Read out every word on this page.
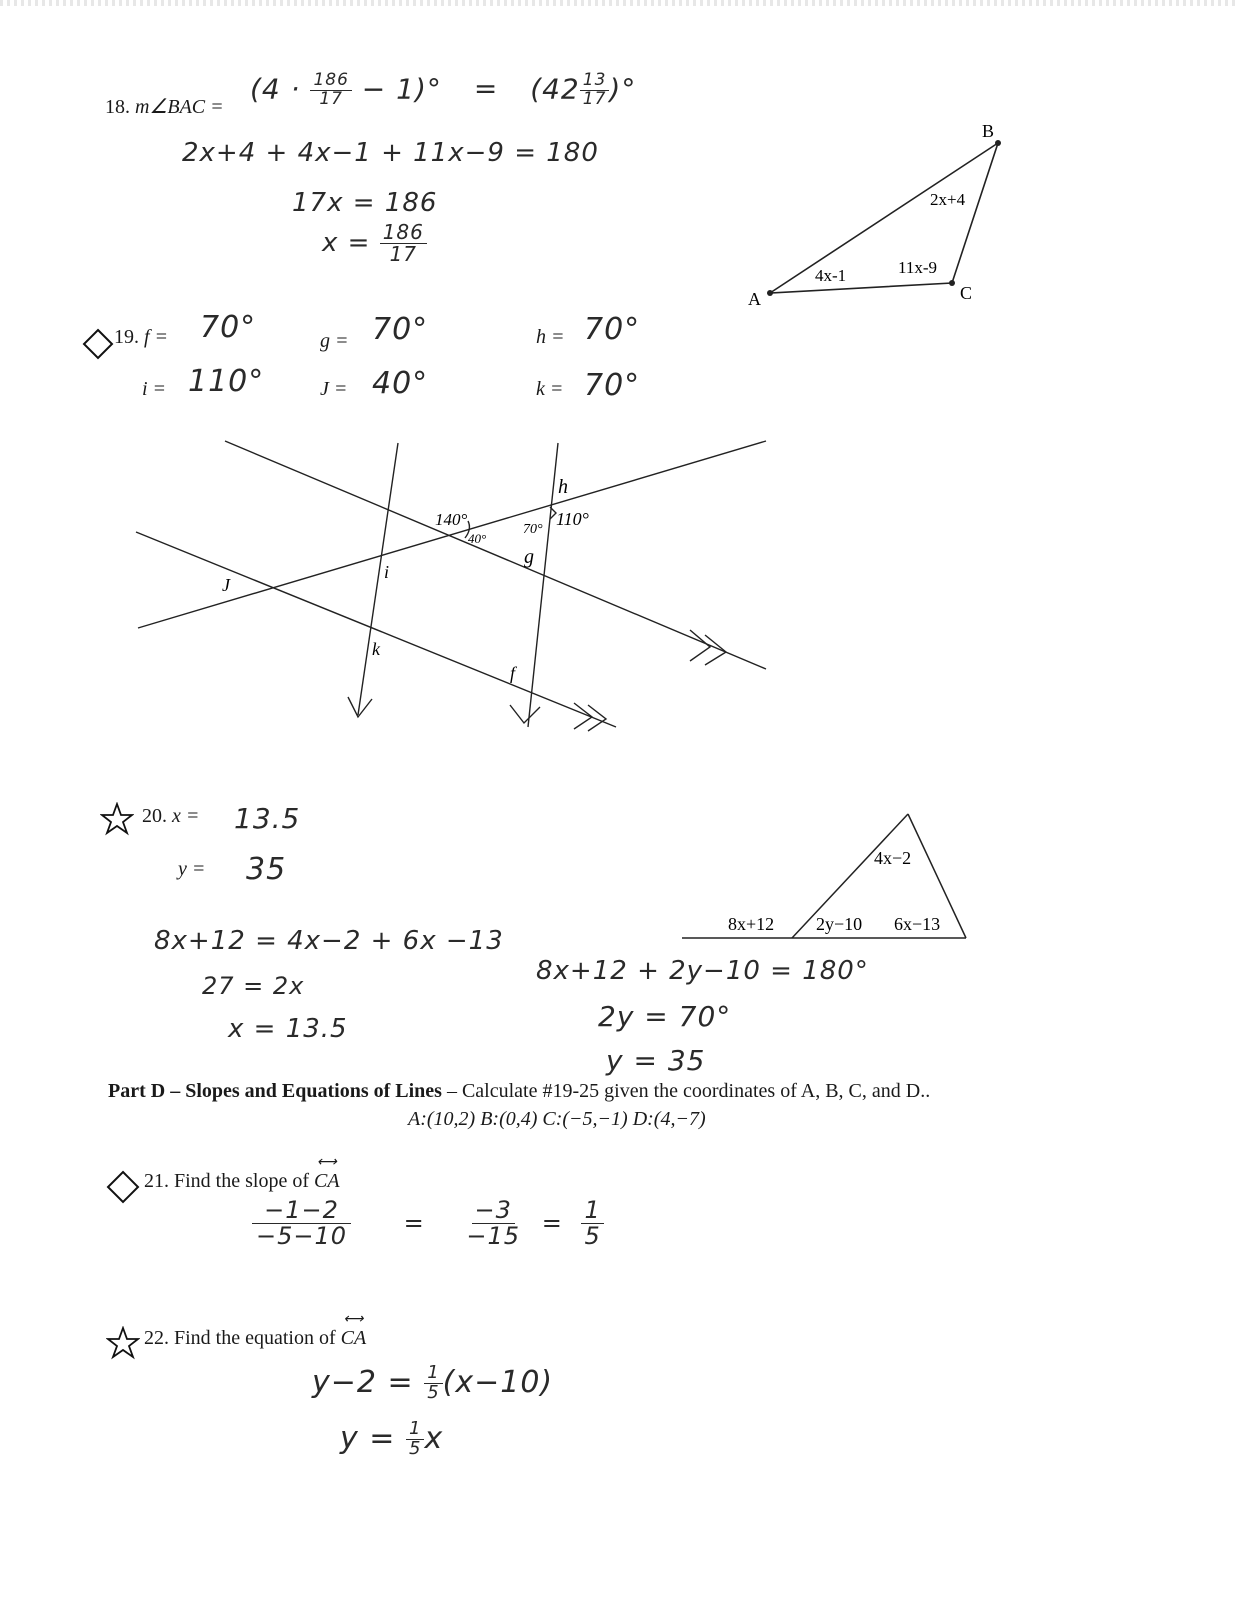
18. m∠BAC =
$(4 \cdot \frac{186}{17} - 1)^\circ = (42 \frac{13}{17}$ )°
2x+4 + 4x−1 + 11x−9 = 180
17x = 186
$x = \frac{186}{17}$
A
B
C
4x-1
2x+4
11x-9
19. f = 70°	g = 70°	h = 70°
i = 110°	J = 40°	k = 70°
J
i
k
f
h
g
140°
40°
70°
110°
20. x = 13.5
y = 35
8x+12 = 4x−2 + 6x −13
27 = 2x
x = 13.5
8x+12 + 2y−10 = 180°
2y = 70°
y = 35
8x+12 2y−10 6x−13
4x−2
Part D – Slopes and Equations of Lines – Calculate #19-25 given the coordinates of A, B, C, and D..
A:(10,2) B:(0,4) C:(−5,−1) D:(4,−7)
21. Find the slope of ⟷ CA
$\frac{-1-2}{-5-10} = \frac{-3}{-15} = \frac{1}{5}$
22. Find the equation of ⟷ CA
$y-2 = \frac{1}{5} (x-10)$
$y = \frac{1}{5}$ x
